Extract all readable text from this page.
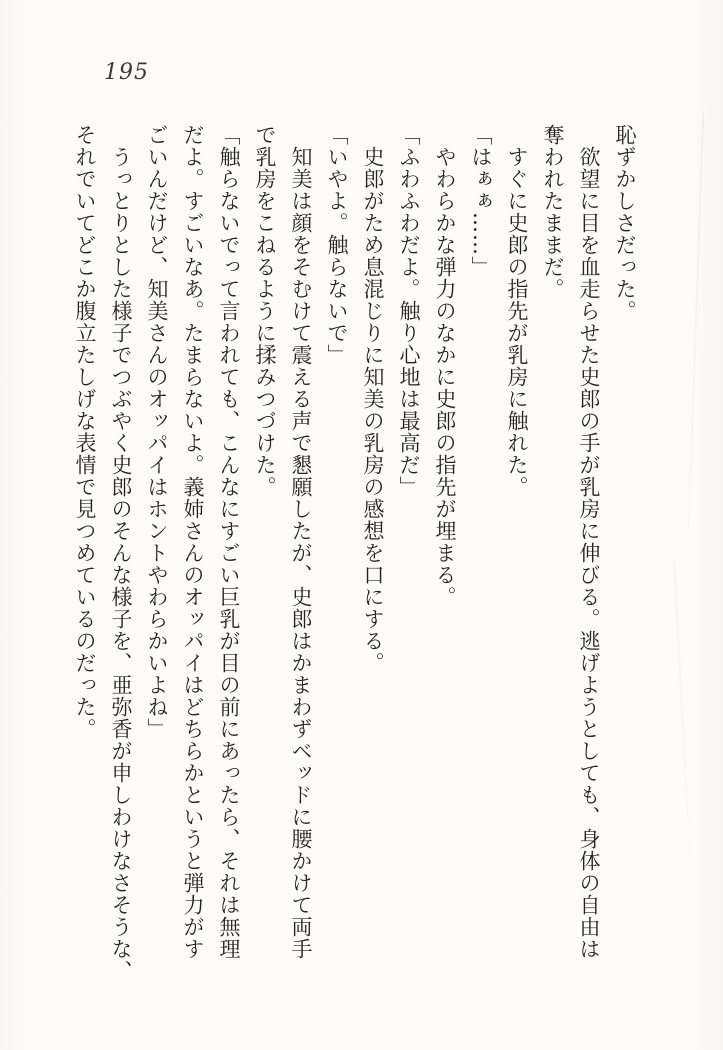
195

恥ずかしさだった。

　欲望に目を血走らせた史郎の手が乳房に伸びる。逃げようとしても、身体の自由は

奪われたままだ。

　すぐに史郎の指先が乳房に触れた。

「はぁぁ……」

　やわらかな弾力のなかに史郎の指先が埋まる。

「ふわふわだよ。触り心地は最高だ」

　史郎がため息混じりに知美の乳房の感想を口にする。

「いやよ。触らないで」

　知美は顔をそむけて震える声で懇願したが、史郎はかまわずベッドに腰かけて両手

で乳房をこねるように揉みつづけた。

「触らないでって言われても、こんなにすごい巨乳が目の前にあったら、それは無理

だよ。すごいなあ。たまらないよ。義姉さんのオッパイはどちらかというと弾力がす

ごいんだけど、知美さんのオッパイはホントやわらかいよね」

　うっとりとした様子でつぶやく史郎のそんな様子を、亜弥香が申しわけなさそうな、

それでいてどこか腹立たしげな表情で見つめているのだった。
